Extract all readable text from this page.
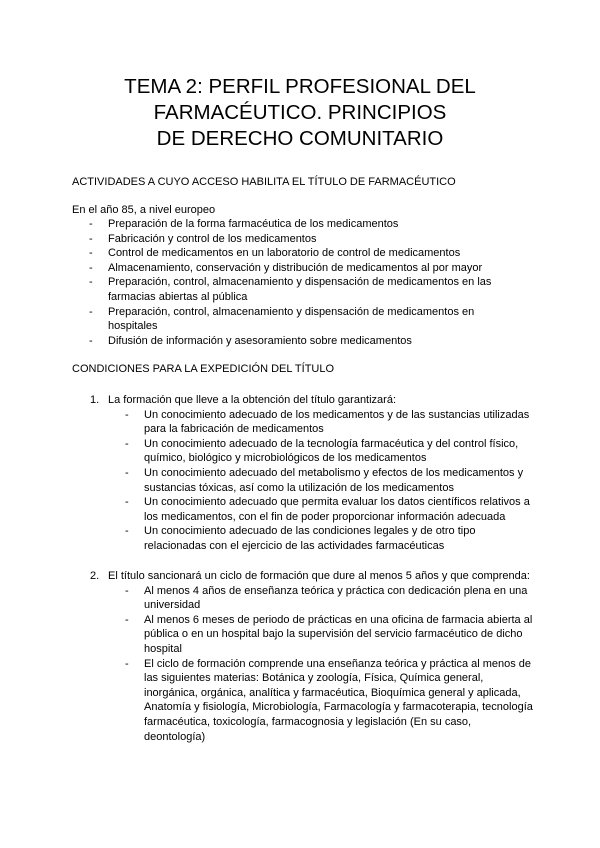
TEMA 2: PERFIL PROFESIONAL DEL
FARMACÉUTICO. PRINCIPIOS
DE DERECHO COMUNITARIO
ACTIVIDADES A CUYO ACCESO HABILITA EL TÍTULO DE FARMACÉUTICO
En el año 85, a nivel europeo
- Preparación de la forma farmacéutica de los medicamentos
- Fabricación y control de los medicamentos
- Control de medicamentos en un laboratorio de control de medicamentos
- Almacenamiento, conservación y distribución de medicamentos al por mayor
- Preparación, control, almacenamiento y dispensación de medicamentos en las farmacias abiertas al pública
- Preparación, control, almacenamiento y dispensación de medicamentos en hospitales
- Difusión de información y asesoramiento sobre medicamentos
CONDICIONES PARA LA EXPEDICIÓN DEL TÍTULO
1. La formación que lleve a la obtención del título garantizará:
- Un conocimiento adecuado de los medicamentos y de las sustancias utilizadas para la fabricación de medicamentos
- Un conocimiento adecuado de la tecnología farmacéutica y del control físico, químico, biológico y microbiológicos de los medicamentos
- Un conocimiento adecuado del metabolismo y efectos de los medicamentos y sustancias tóxicas, así como la utilización de los medicamentos
- Un conocimiento adecuado que permita evaluar los datos científicos relativos a los medicamentos, con el fin de poder proporcionar información adecuada
- Un conocimiento adecuado de las condiciones legales y de otro tipo relacionadas con el ejercicio de las actividades farmacéuticas
2. El título sancionará un ciclo de formación que dure al menos 5 años y que comprenda:
- Al menos 4 años de enseñanza teórica y práctica con dedicación plena en una universidad
- Al menos 6 meses de periodo de prácticas en una oficina de farmacia abierta al pública o en un hospital bajo la supervisión del servicio farmacéutico de dicho hospital
- El ciclo de formación comprende una enseñanza teórica y práctica al menos de las siguientes materias: Botánica y zoología, Física, Química general, inorgánica, orgánica, analítica y farmacéutica, Bioquímica general y aplicada, Anatomía y fisiología, Microbiología, Farmacología y farmacoterapia, tecnología farmacéutica, toxicología, farmacognosia y legislación (En su caso, deontología)
